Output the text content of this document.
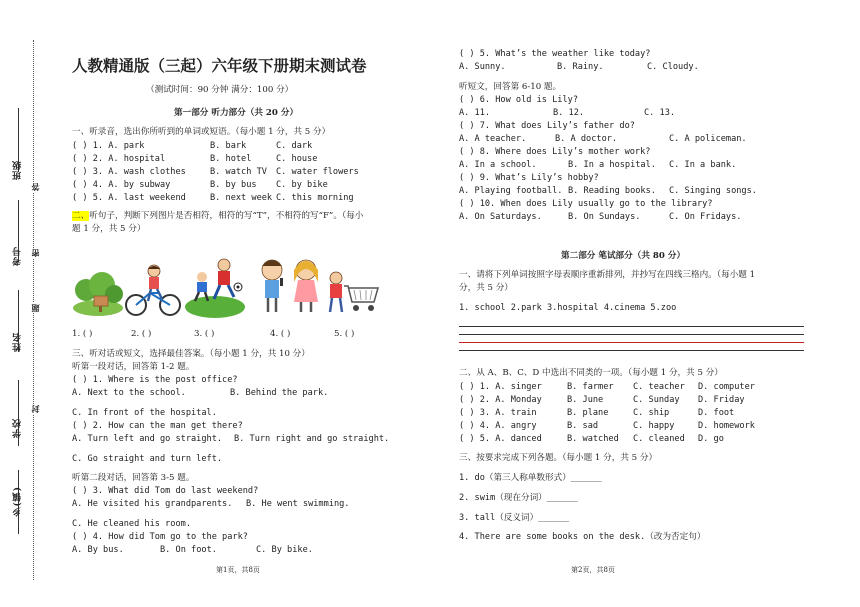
班级
考号
姓名
学校
乡(镇)
答
密
题
封
人教精通版（三起）六年级下册期末测试卷
（测试时间：90 分钟 满分：100 分）
第一部分 听力部分（共 20 分）
一、听录音，选出你所听到的单词或短语。（每小题 1 分，共 5 分）
( ) 1. A. park	B. bark	C. dark
( ) 2. A. hospital	B. hotel	C. house
( ) 3. A. wash clothes	B. watch TV C. water flowers
( ) 4. A. by subway	B. by bus C. by bike
( ) 5. A. last weekend	B. next week C. this morning
二、听句子，判断下列图片是否相符，相符的写“T”，不相符的写“F”。（每小
题 1 分，共 5 分）
1. ( )	2. ( )	3. ( )	4. ( )	5. ( )
三、听对话或短文，选择最佳答案。（每小题 1 分，共 10 分）
听第一段对话，回答第 1-2 题。
( ) 1. Where is the post office?
A. Next to the school.	B. Behind the park.
C. In front of the hospital.
( ) 2. How can the man get there?
A. Turn left and go straight. B. Turn right and go straight.
C. Go straight and turn left.
听第二段对话，回答第 3-5 题。
( ) 3. What did Tom do last weekend?
A. He visited his grandparents. B. He went swimming.
C. He cleaned his room.
( ) 4. How did Tom go to the park?
A. By bus.	B. On foot.	C. By bike.
第1页，共8页
( ) 5. What’s the weather like today?
A. Sunny.	B. Rainy.	C. Cloudy.
听短文，回答第 6-10 题。
( ) 6. How old is Lily?
A. 11.	B. 12.	C. 13.
( ) 7. What does Lily’s father do?
A. A teacher.	B. A doctor.	C. A policeman.
( ) 8. Where does Lily’s mother work?
A. In a school.	B. In a hospital. C. In a bank.
( ) 9. What’s Lily’s hobby?
A. Playing football. B. Reading books. C. Singing songs.
( ) 10. When does Lily usually go to the library?
A. On Saturdays.	B. On Sundays.	C. On Fridays.
第二部分 笔试部分（共 80 分）
一、请将下列单词按照字母表顺序重新排列，并抄写在四线三格内。（每小题 1
分，共 5 分）
1. school 2.park 3.hospital 4.cinema 5.zoo
二、从 A、B、C、D 中选出不同类的一项。（每小题 1 分，共 5 分）
( ) 1. A. singer	B. farmer C. teacher D. computer
( ) 2. A. Monday	B. June	C. Sunday D. Friday
( ) 3. A. train	B. plane	C. ship	D. foot
( ) 4. A. angry	B. sad	C. happy	D. homework
( ) 5. A. danced	B. watched C. cleaned D. go
三、按要求完成下列各题。（每小题 1 分，共 5 分）
1. do（第三人称单数形式）______
2. swim（现在分词）______
3. tall（反义词）______
4. There are some books on the desk.（改为否定句）
第2页，共8页
